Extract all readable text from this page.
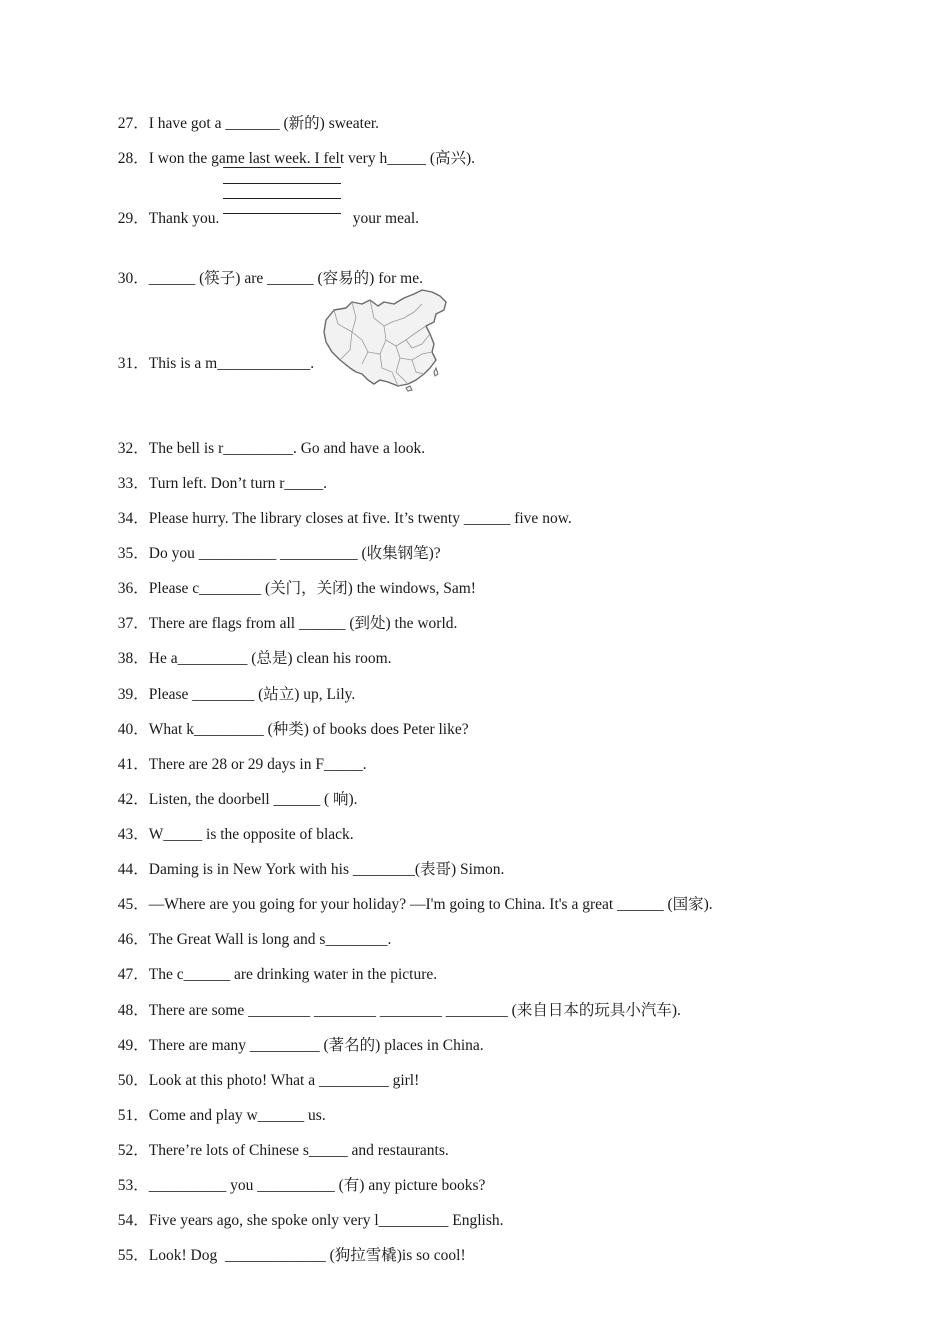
27．I have got a _______ (新的) sweater.

28．I won the game last week. I felt very h_____ (高兴).

29．Thank you.	your meal.

30．______ (筷子) are ______ (容易的) for me.

31．This is a m____________.

32．The bell is r_________. Go and have a look.

33．Turn left. Don’t turn r_____.

34．Please hurry. The library closes at five. It’s twenty ______ five now.

35．Do you __________ __________ (收集钢笔)?

36．Please c________ (关门，关闭) the windows, Sam!

37．There are flags from all ______ (到处) the world.

38．He a_________ (总是) clean his room.

39．Please ________ (站立) up, Lily.

40．What k_________ (种类) of books does Peter like?

41．There are 28 or 29 days in F_____.

42．Listen, the doorbell ______ ( 响).

43．W_____ is the opposite of black.

44．Daming is in New York with his ________(表哥) Simon.

45．—Where are you going for your holiday? —I'm going to China. It's a great ______ (国家).

46．The Great Wall is long and s________.

47．The c______ are drinking water in the picture.

48．There are some ________ ________ ________ ________ (来自日本的玩具小汽车).

49．There are many _________ (著名的) places in China.

50．Look at this photo! What a _________ girl!

51．Come and play w______ us.

52．There’re lots of Chinese s_____ and restaurants.

53．__________ you __________ (有) any picture books?

54．Five years ago, she spoke only very l_________ English.

55．Look! Dog  _____________ (狗拉雪橇)is so cool!
